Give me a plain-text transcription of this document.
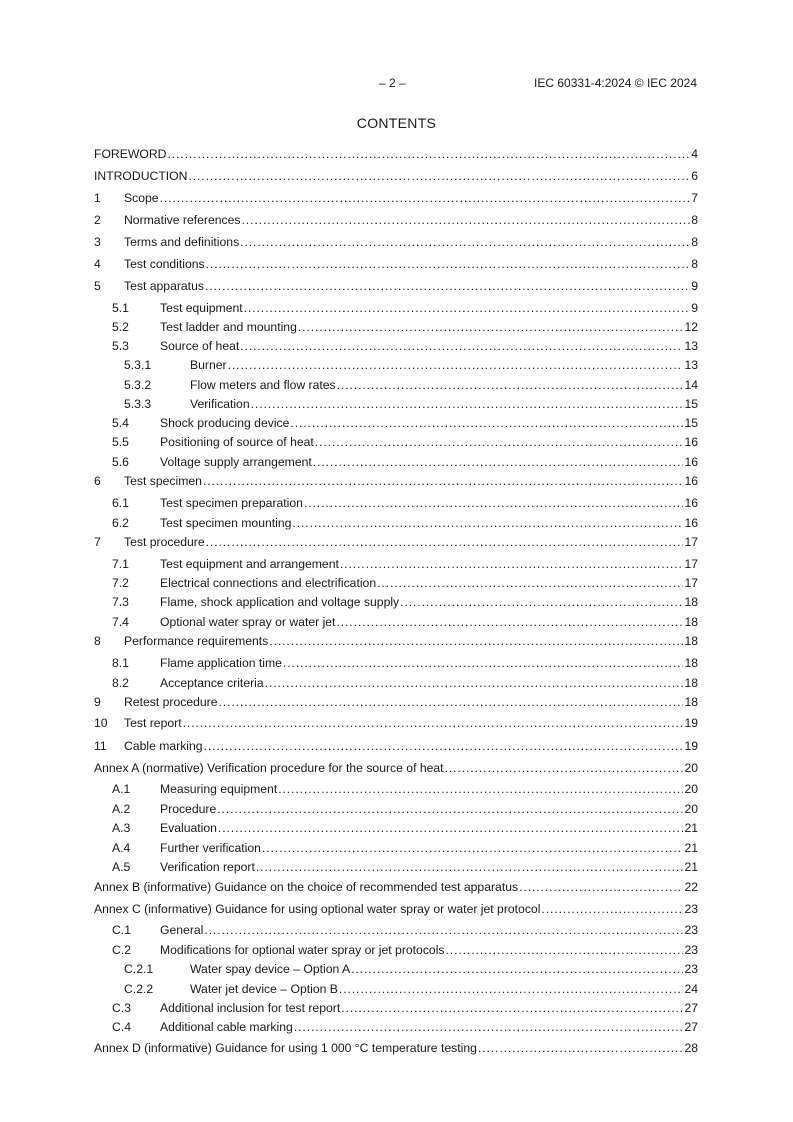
– 2 –	IEC 60331-4:2024 © IEC 2024
CONTENTS
FOREWORD .....	4
INTRODUCTION .....	6
1	Scope .....	7
2	Normative references .....	8
3	Terms and definitions .....	8
4	Test conditions .....	8
5	Test apparatus .....	9
5.1	Test equipment .....	9
5.2	Test ladder and mounting .....	12
5.3	Source of heat .....	13
5.3.1	Burner .....	13
5.3.2	Flow meters and flow rates .....	14
5.3.3	Verification .....	15
5.4	Shock producing device .....	15
5.5	Positioning of source of heat .....	16
5.6	Voltage supply arrangement .....	16
6	Test specimen .....	16
6.1	Test specimen preparation .....	16
6.2	Test specimen mounting .....	16
7	Test procedure .....	17
7.1	Test equipment and arrangement .....	17
7.2	Electrical connections and electrification .....	17
7.3	Flame, shock application and voltage supply .....	18
7.4	Optional water spray or water jet .....	18
8	Performance requirements .....	18
8.1	Flame application time .....	18
8.2	Acceptance criteria .....	18
9	Retest procedure .....	18
10	Test report .....	19
11	Cable marking .....	19
Annex A (normative) Verification procedure for the source of heat .....	20
A.1	Measuring equipment .....	20
A.2	Procedure .....	20
A.3	Evaluation .....	21
A.4	Further verification .....	21
A.5	Verification report .....	21
Annex B (informative) Guidance on the choice of recommended test apparatus .....	22
Annex C (informative) Guidance for using optional water spray or water jet protocol .....	23
C.1	General .....	23
C.2	Modifications for optional water spray or jet protocols .....	23
C.2.1	Water spay device – Option A .....	23
C.2.2	Water jet device – Option B .....	24
C.3	Additional inclusion for test report .....	27
C.4	Additional cable marking .....	27
Annex D (informative) Guidance for using 1 000 °C temperature testing .....	28
